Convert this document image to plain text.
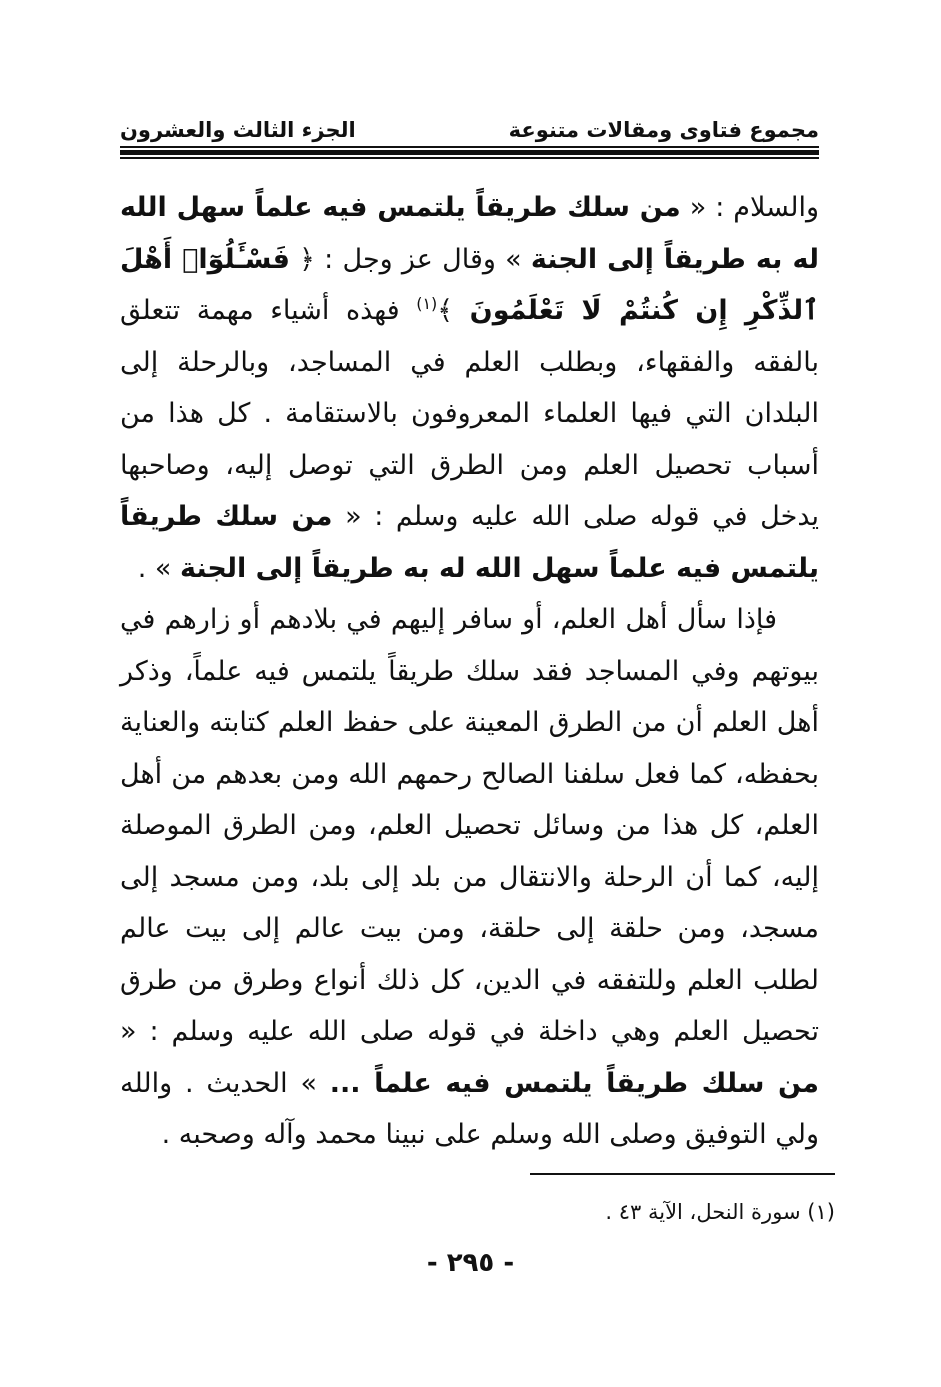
مجموع فتاوى ومقالات متنوعة
الجزء الثالث والعشرون

والسلام : « من سلك طريقاً يلتمس فيه علماً سهل الله له به طريقاً إلى الجنة » وقال عز وجل : ﴿ فَسْـَٔلُوٓا۟ أَهْلَ ٱلذِّكْرِ إِن كُنتُمْ لَا تَعْلَمُونَ ﴾$^{(١)}$ فهذه أشياء مهمة تتعلق بالفقه والفقهاء، وبطلب العلم في المساجد، وبالرحلة إلى البلدان التي فيها العلماء المعروفون بالاستقامة . كل هذا من أسباب تحصيل العلم ومن الطرق التي توصل إليه، وصاحبها يدخل في قوله صلى الله عليه وسلم : « من سلك طريقاً يلتمس فيه علماً سهل الله له به طريقاً إلى الجنة » .

فإذا سأل أهل العلم، أو سافر إليهم في بلادهم أو زارهم في بيوتهم وفي المساجد فقد سلك طريقاً يلتمس فيه علماً، وذكر أهل العلم أن من الطرق المعينة على حفظ العلم كتابته والعناية بحفظه، كما فعل سلفنا الصالح رحمهم الله ومن بعدهم من أهل العلم، كل هذا من وسائل تحصيل العلم، ومن الطرق الموصلة إليه، كما أن الرحلة والانتقال من بلد إلى بلد، ومن مسجد إلى مسجد، ومن حلقة إلى حلقة، ومن بيت عالم إلى بيت عالم لطلب العلم وللتفقه في الدين، كل ذلك أنواع وطرق من طرق تحصيل العلم وهي داخلة في قوله صلى الله عليه وسلم : « من سلك طريقاً يلتمس فيه علماً ... » الحديث . والله ولي التوفيق وصلى الله وسلم على نبينا محمد وآله وصحبه .

(١) سورة النحل، الآية ٤٣ .
- ٢٩٥ -
